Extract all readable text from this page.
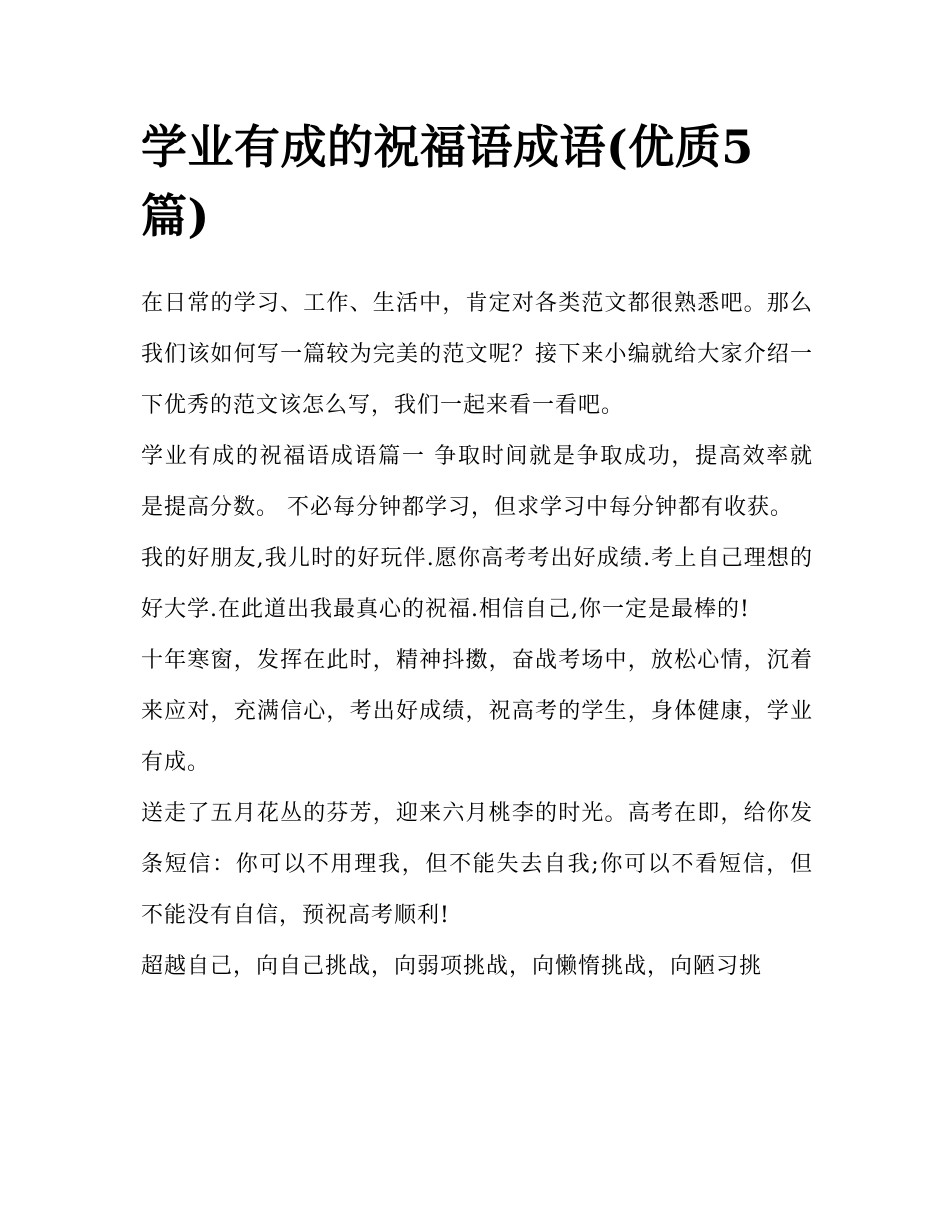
学业有成的祝福语成语(优质5篇)

在日常的学习、工作、生活中，肯定对各类范文都很熟悉吧。那么我们该如何写一篇较为完美的范文呢？接下来小编就给大家介绍一下优秀的范文该怎么写，我们一起来看一看吧。

学业有成的祝福语成语篇一 争取时间就是争取成功，提高效率就是提高分数。 不必每分钟都学习，但求学习中每分钟都有收获。

我的好朋友,我儿时的好玩伴.愿你高考考出好成绩.考上自己理想的好大学.在此道出我最真心的祝福.相信自己,你一定是最棒的!

十年寒窗，发挥在此时，精神抖擞，奋战考场中，放松心情，沉着来应对，充满信心，考出好成绩，祝高考的学生，身体健康，学业有成。

送走了五月花丛的芬芳，迎来六月桃李的时光。高考在即，给你发条短信：你可以不用理我，但不能失去自我;你可以不看短信，但不能没有自信，预祝高考顺利!

超越自己，向自己挑战，向弱项挑战，向懒惰挑战，向陋习挑
